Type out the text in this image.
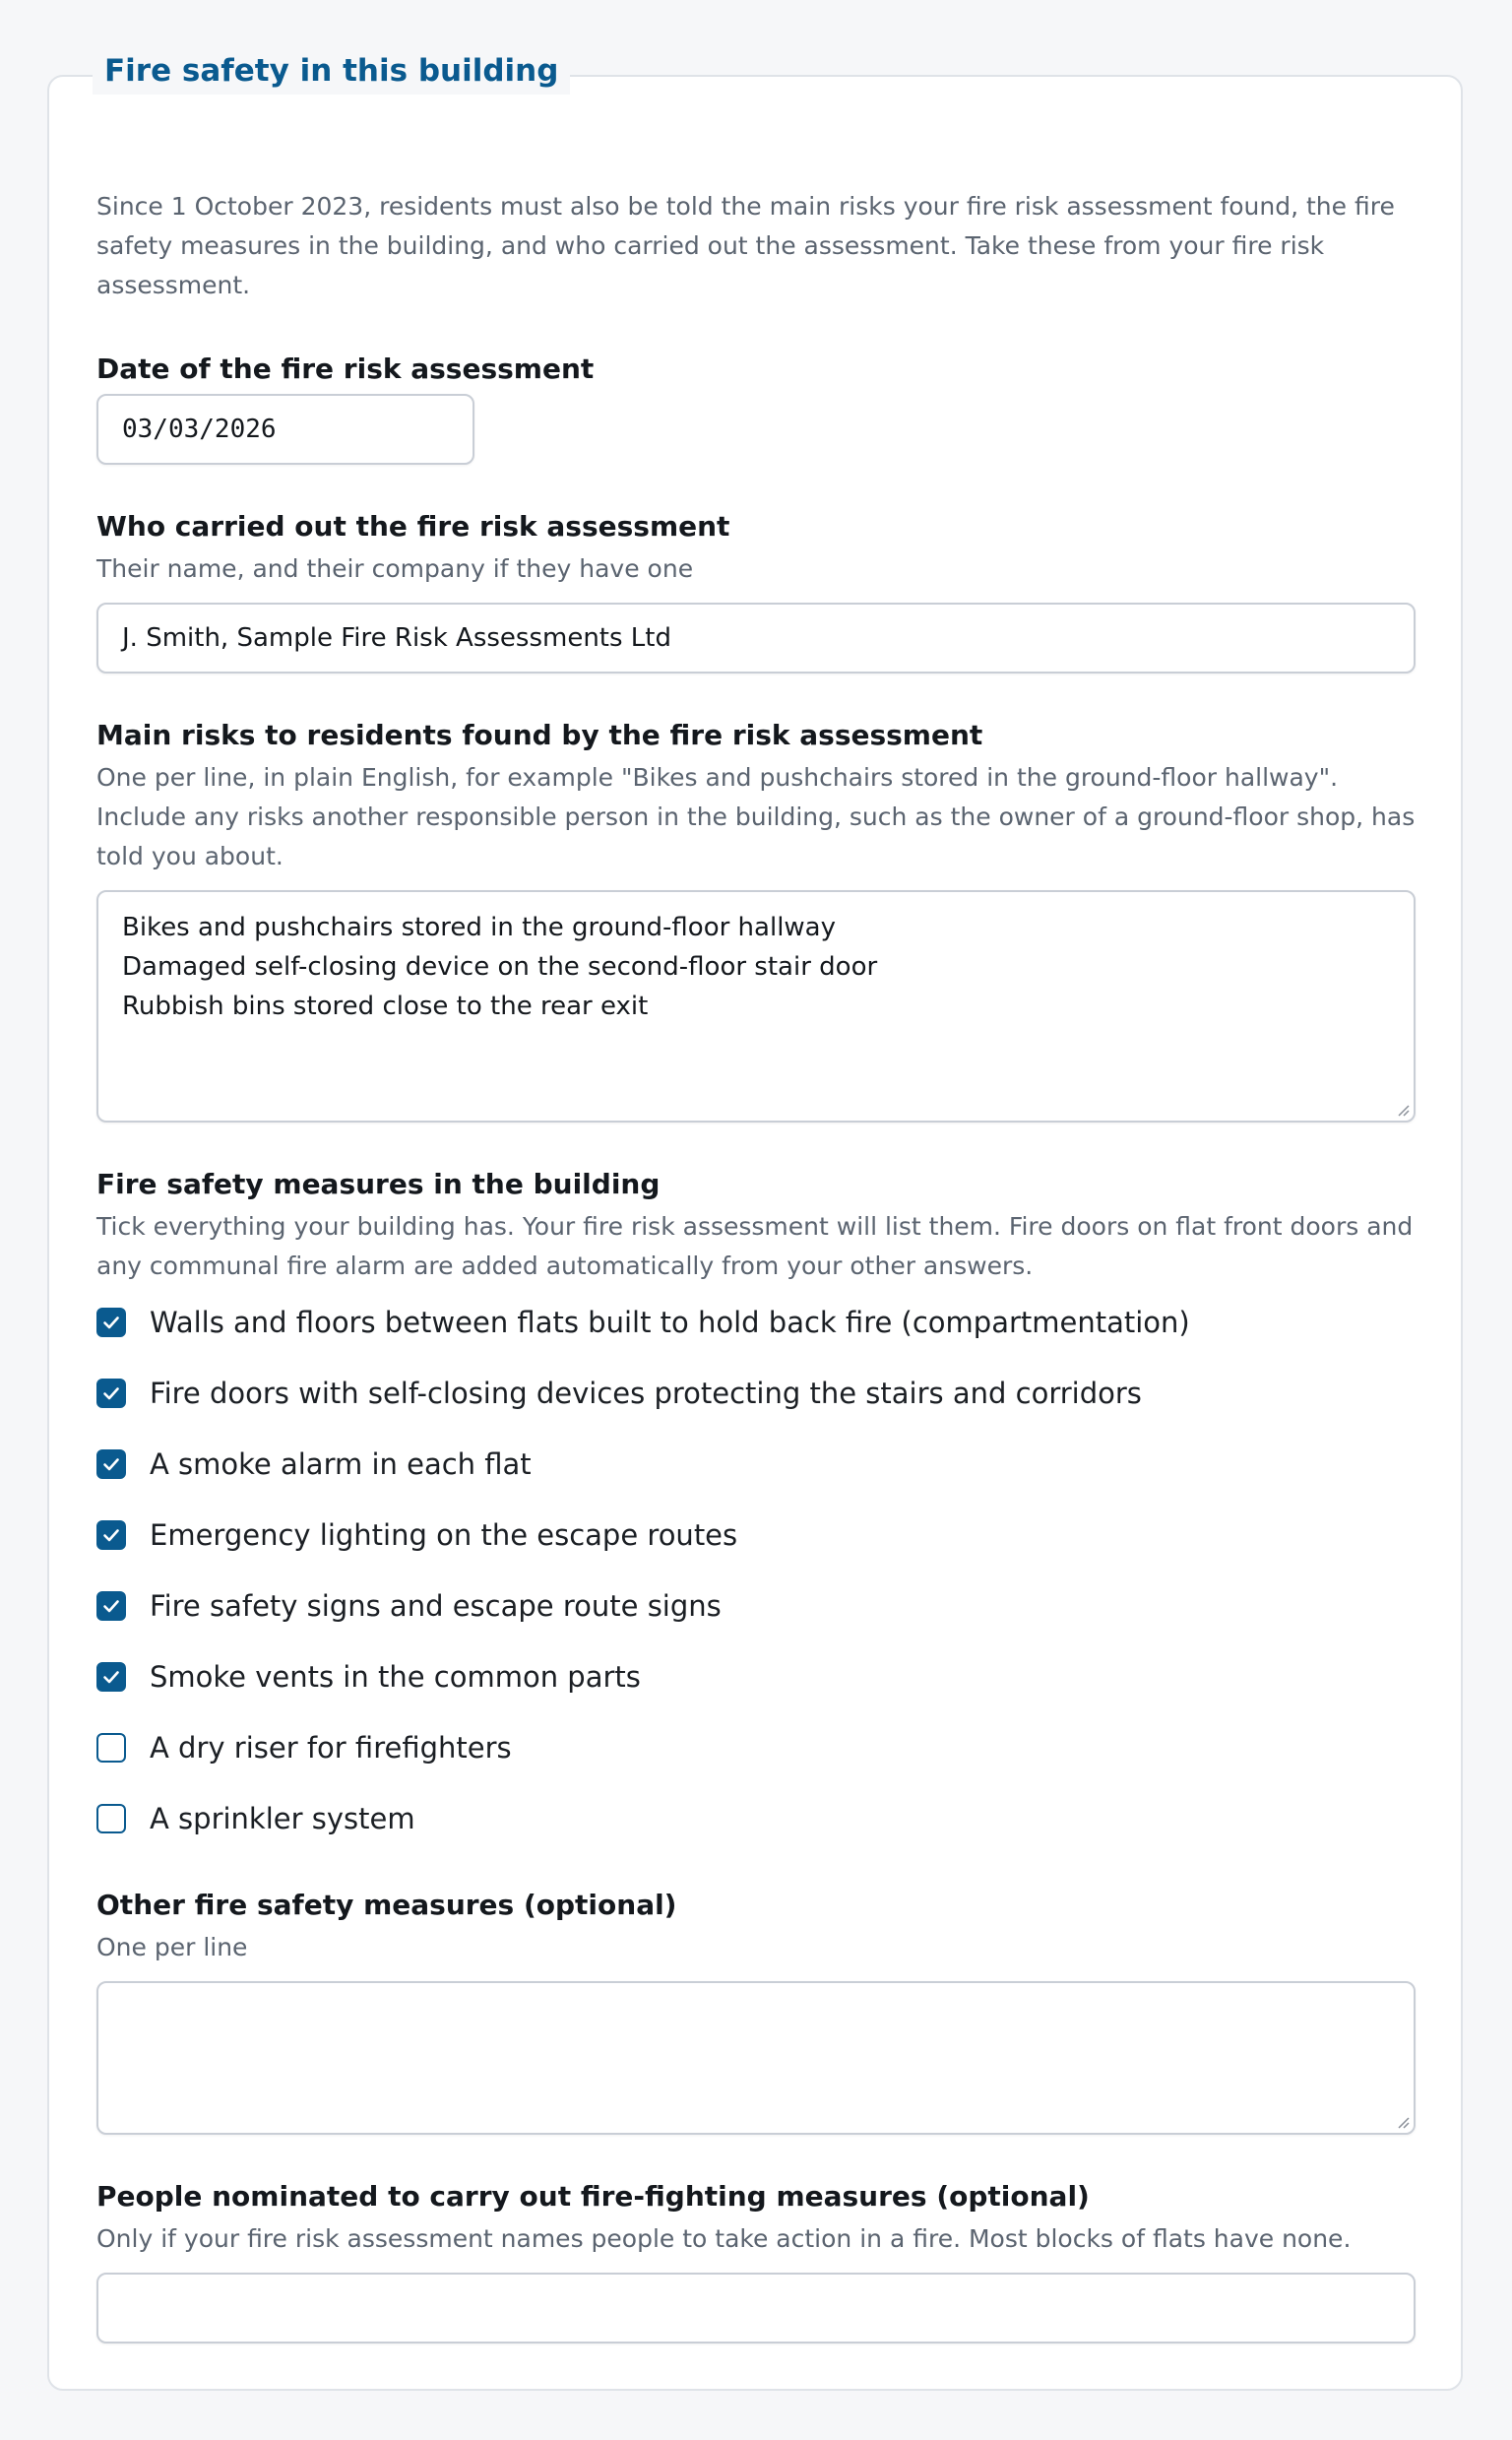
Fire safety in this building
Since 1 October 2023, residents must also be told the main risks your fire risk assessment found, the fire safety measures in the building, and who carried out the assessment. Take these from your fire risk assessment.
Date of the fire risk assessment
03/03/2026
Who carried out the fire risk assessment
Their name, and their company if they have one
J. Smith, Sample Fire Risk Assessments Ltd
Main risks to residents found by the fire risk assessment
One per line, in plain English, for example "Bikes and pushchairs stored in the ground-floor hallway". Include any risks another responsible person in the building, such as the owner of a ground-floor shop, has told you about.
Bikes and pushchairs stored in the ground-floor hallway
Damaged self-closing device on the second-floor stair door
Rubbish bins stored close to the rear exit
Fire safety measures in the building
Tick everything your building has. Your fire risk assessment will list them. Fire doors on flat front doors and any communal fire alarm are added automatically from your other answers.
Walls and floors between flats built to hold back fire (compartmentation)
Fire doors with self-closing devices protecting the stairs and corridors
A smoke alarm in each flat
Emergency lighting on the escape routes
Fire safety signs and escape route signs
Smoke vents in the common parts
A dry riser for firefighters
A sprinkler system
Other fire safety measures (optional)
One per line
People nominated to carry out fire-fighting measures (optional)
Only if your fire risk assessment names people to take action in a fire. Most blocks of flats have none.
